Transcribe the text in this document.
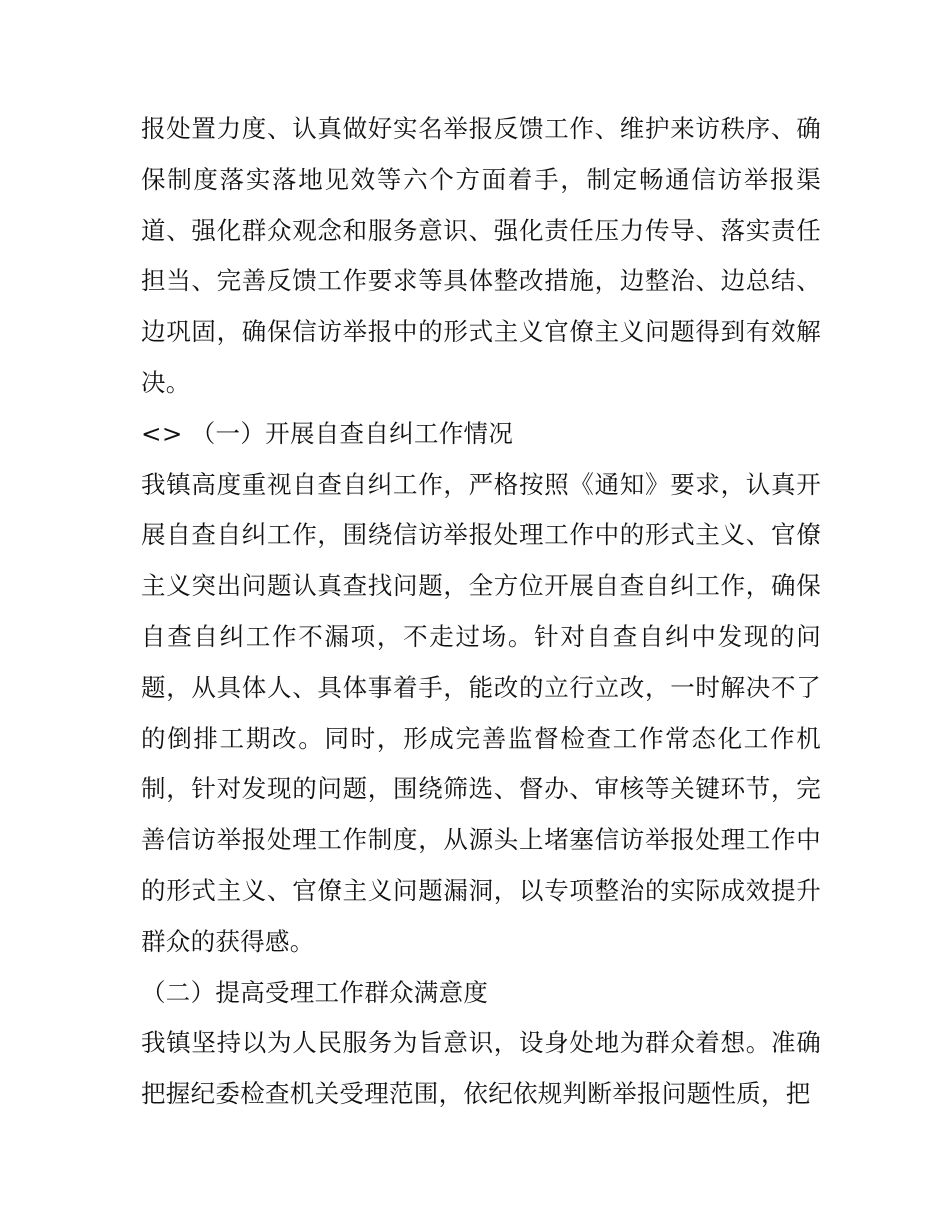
报处置力度、认真做好实名举报反馈工作、维护来访秩序、确保制度落实落地见效等六个方面着手，制定畅通信访举报渠道、强化群众观念和服务意识、强化责任压力传导、落实责任担当、完善反馈工作要求等具体整改措施，边整治、边总结、边巩固，确保信访举报中的形式主义官僚主义问题得到有效解决。

<> （一）开展自查自纠工作情况

我镇高度重视自查自纠工作，严格按照《通知》要求，认真开展自查自纠工作，围绕信访举报处理工作中的形式主义、官僚主义突出问题认真查找问题，全方位开展自查自纠工作，确保自查自纠工作不漏项，不走过场。针对自查自纠中发现的问题，从具体人、具体事着手，能改的立行立改，一时解决不了的倒排工期改。同时，形成完善监督检查工作常态化工作机制，针对发现的问题，围绕筛选、督办、审核等关键环节，完善信访举报处理工作制度，从源头上堵塞信访举报处理工作中的形式主义、官僚主义问题漏洞，以专项整治的实际成效提升群众的获得感。

（二）提高受理工作群众满意度

我镇坚持以为人民服务为旨意识，设身处地为群众着想。准确把握纪委检查机关受理范围，依纪依规判断举报问题性质，把
